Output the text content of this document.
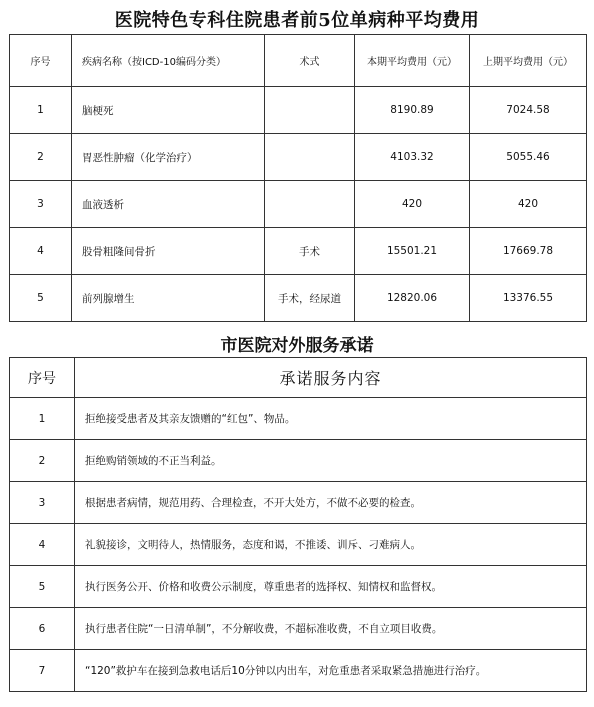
医院特色专科住院患者前5位单病种平均费用
序号	疾病名称（按ICD-10编码分类）	术式	本期平均费用（元）	上期平均费用（元）
1	脑梗死		8190.89	7024.58
2	胃恶性肿瘤（化学治疗）		4103.32	5055.46
3	血液透析		420	420
4	股骨粗隆间骨折	手术	15501.21	17669.78
5	前列腺增生	手术，经尿道	12820.06	13376.55
市医院对外服务承诺
序号	承诺服务内容
1	拒绝接受患者及其亲友馈赠的“红包”、物品。
2	拒绝购销领域的不正当利益。
3	根据患者病情，规范用药、合理检查，不开大处方，不做不必要的检查。
4	礼貌接诊，文明待人，热情服务，态度和谒，不推诿、训斥、刁难病人。
5	执行医务公开、价格和收费公示制度，尊重患者的选择权、知情权和监督权。
6	执行患者住院“一日清单制”，不分解收费，不超标准收费，不自立项目收费。
7	“120”救护车在接到急救电话后10分钟以内出车，对危重患者采取紧急措施进行治疗。
